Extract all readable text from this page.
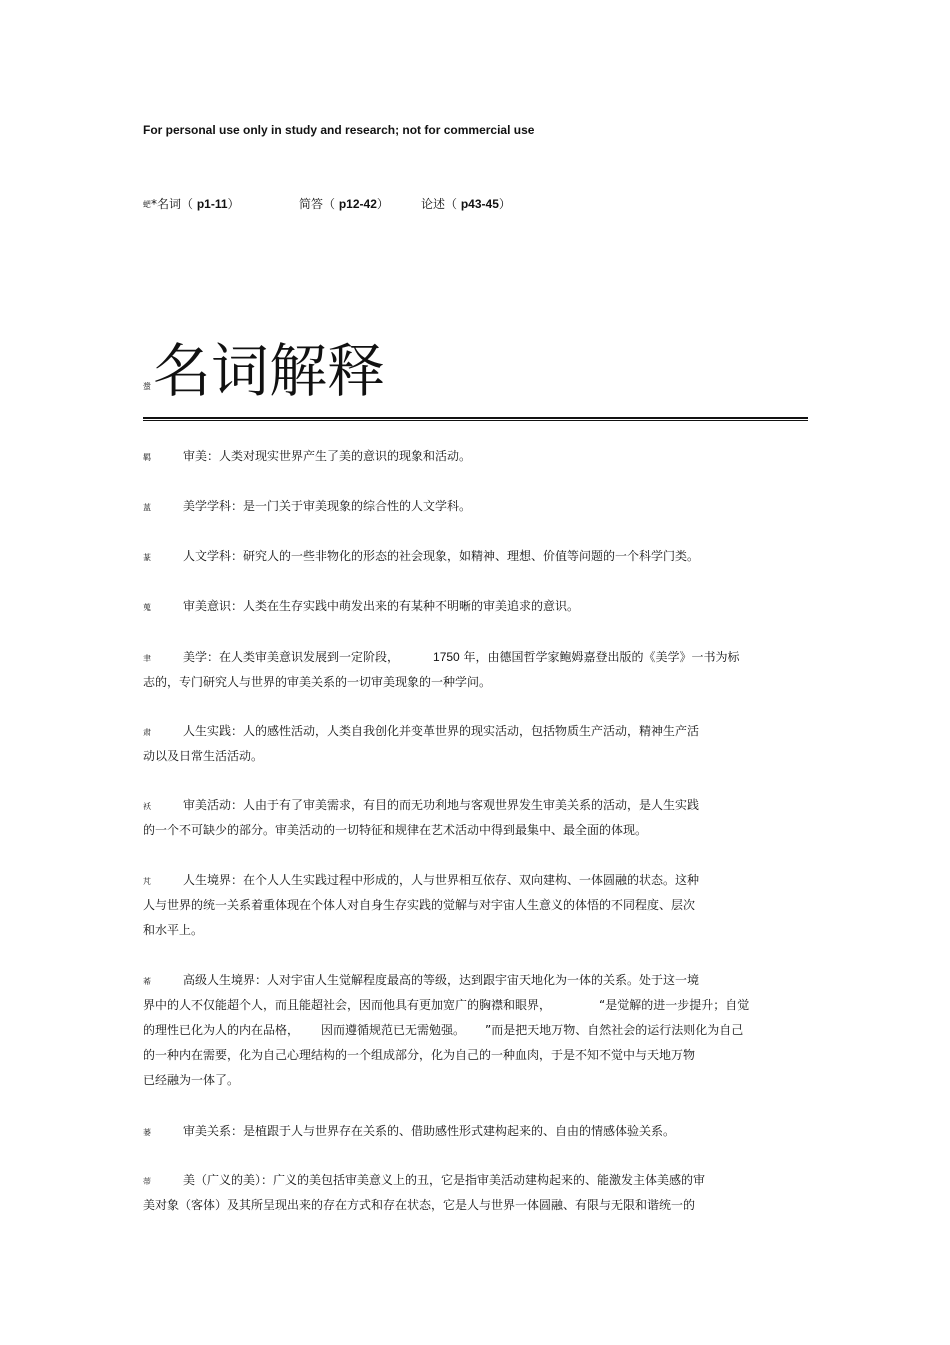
For personal use only in study and research; not for commercial use
蚆*名词（ p1-11）	简答（ p12-42）	论述（ p43-45）
螀 名词解释
羁	审美：人类对现实世界产生了美的意识的现象和活动。
蒕	美学学科：是一门关于审美现象的综合性的人文学科。
蒃	人文学科：研究人的一些非物化的形态的社会现象，如精神、理想、价值等问题的一个科学门类。
蒐	审美意识：人类在生存实践中萌发出来的有某种不明晰的审美追求的意识。
聿	美学：在人类审美意识发展到一定阶段，	1750 年，由德国哲学家鲍姆嘉登出版的《美学》一书为标
志的，专门研究人与世界的审美关系的一切审美现象的一种学问。
肃	人生实践：人的感性活动，人类自我创化并变革世界的现实活动，包括物质生产活动，精神生产活
动以及日常生活活动。
袄	审美活动：人由于有了审美需求，有目的而无功利地与客观世界发生审美关系的活动，是人生实践
的一个不可缺少的部分。审美活动的一切特征和规律在艺术活动中得到最集中、最全面的体现。
芃	人生境界：在个人人生实践过程中形成的，人与世界相互依存、双向建构、一体圆融的状态。这种
人与世界的统一关系着重体现在个体人对自身生存实践的觉解与对宇宙人生意义的体悟的不同程度、层次
和水平上。
莃	高级人生境界：人对宇宙人生觉解程度最高的等级，达到跟宇宙天地化为一体的关系。处于这一境
界中的人不仅能超个人，而且能超社会，因而他具有更加宽广的胸襟和眼界，	“是觉解的进一步提升；自觉
的理性已化为人的内在品格， 因而遵循规范已无需勉强。 ”而是把天地万物、自然社会的运行法则化为自己
的一种内在需要，化为自己心理结构的一个组成部分，化为自己的一种血肉，于是不知不觉中与天地万物
已经融为一体了。
蒌	审美关系：是植跟于人与世界存在关系的、借助感性形式建构起来的、自由的情感体验关系。
蒂	美（广义的美）：广义的美包括审美意义上的丑，它是指审美活动建构起来的、能激发主体美感的审
美对象（客体）及其所呈现出来的存在方式和存在状态，它是人与世界一体圆融、有限与无限和谐统一的
